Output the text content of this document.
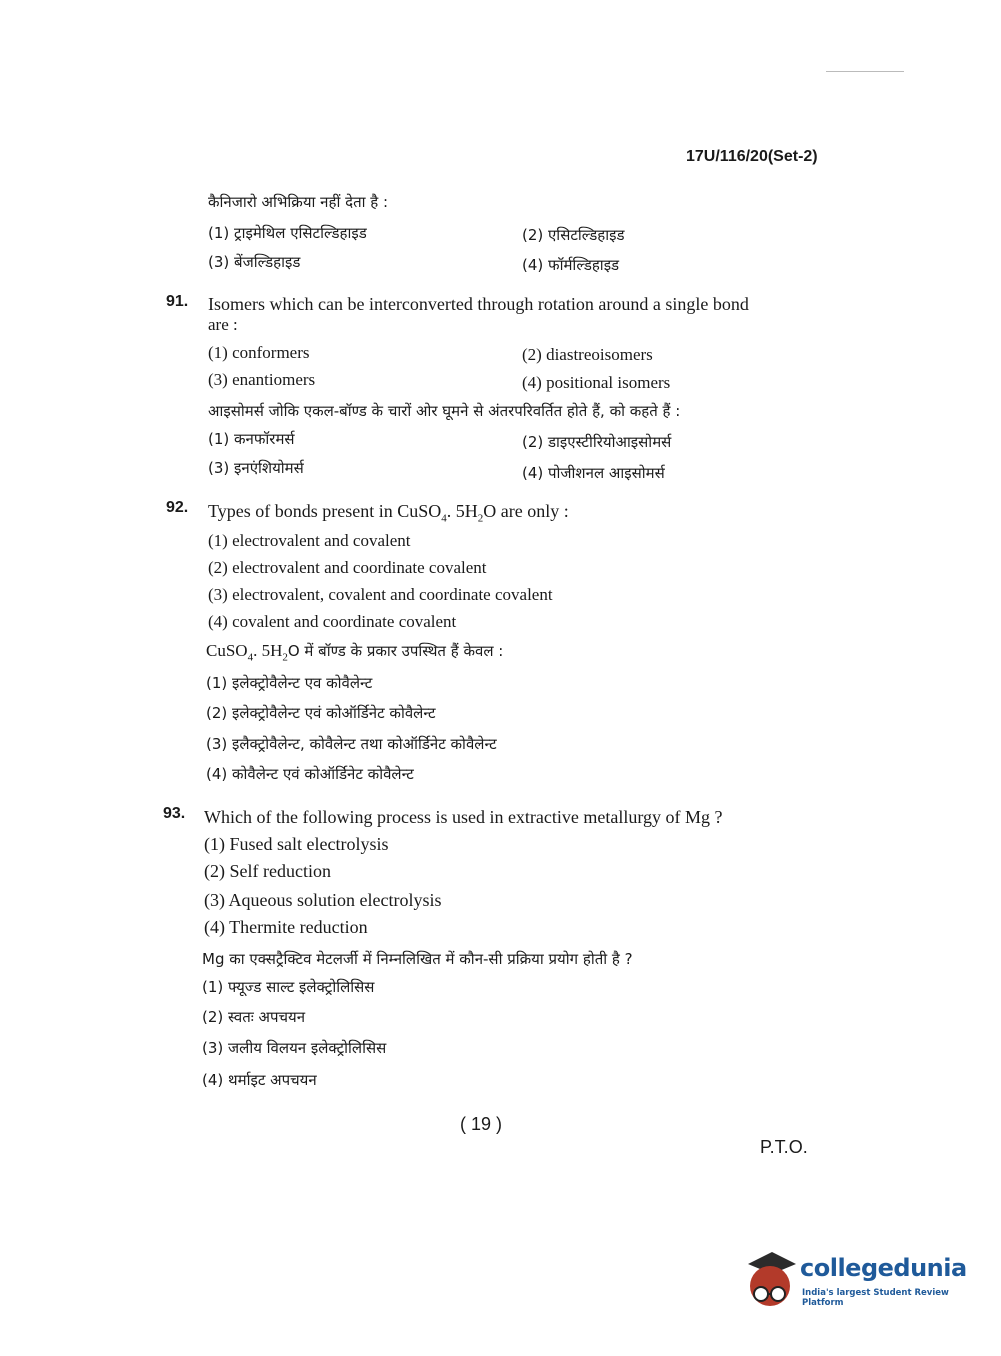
17U/116/20(Set-2)
कैनिजारो अभिक्रिया नहीं देता है :
(1) ट्राइमेथिल एसिटल्डिहाइड	(2) एसिटल्डिहाइड
(3) बेंजल्डिहाइड	(4) फॉर्मल्डिहाइड
91. Isomers which can be interconverted through rotation around a single bond
are :
(1) conformers	(2) diastreoisomers
(3) enantiomers	(4) positional isomers
आइसोमर्स जोकि एकल-बॉण्ड के चारों ओर घूमने से अंतरपरिवर्तित होते हैं, को कहते हैं :
(1) कनफॉरमर्स	(2) डाइएस्टीरियोआइसोमर्स
(3) इनएंशियोमर्स	(4) पोजीशनल आइसोमर्स
92. Types of bonds present in CuSO$_4$. $5H_2O$ are only :
(1) electrovalent and covalent
(2) electrovalent and coordinate covalent
(3) electrovalent, covalent and coordinate covalent
(4) covalent and coordinate covalent
CuSO$_4$. $5H_2O$ में बॉण्ड के प्रकार उपस्थित हैं केवल :
(1) इलेक्ट्रोवैलेन्ट एव कोवैलेन्ट
(2) इलेक्ट्रोवैलेन्ट एवं कोऑर्डिनेट कोवैलेन्ट
(3) इलैक्ट्रोवैलेन्ट, कोवैलेन्ट तथा कोऑर्डिनेट कोवैलेन्ट
(4) कोवैलेन्ट एवं कोऑर्डिनेट कोवैलेन्ट
93. Which of the following process is used in extractive metallurgy of Mg ?
(1) Fused salt electrolysis
(2) Self reduction
(3) Aqueous solution electrolysis
(4) Thermite reduction
Mg का एक्सट्रैक्टिव मेटलर्जी में निम्नलिखित में कौन-सी प्रक्रिया प्रयोग होती है ?
(1) फ्यूज्ड साल्ट इलेक्ट्रोलिसिस
(2) स्वतः अपचयन
(3) जलीय विलयन इलेक्ट्रोलिसिस
(4) थर्माइट अपचयन
( 19 )
P.T.O.
collegedunia
India's largest Student Review Platform
